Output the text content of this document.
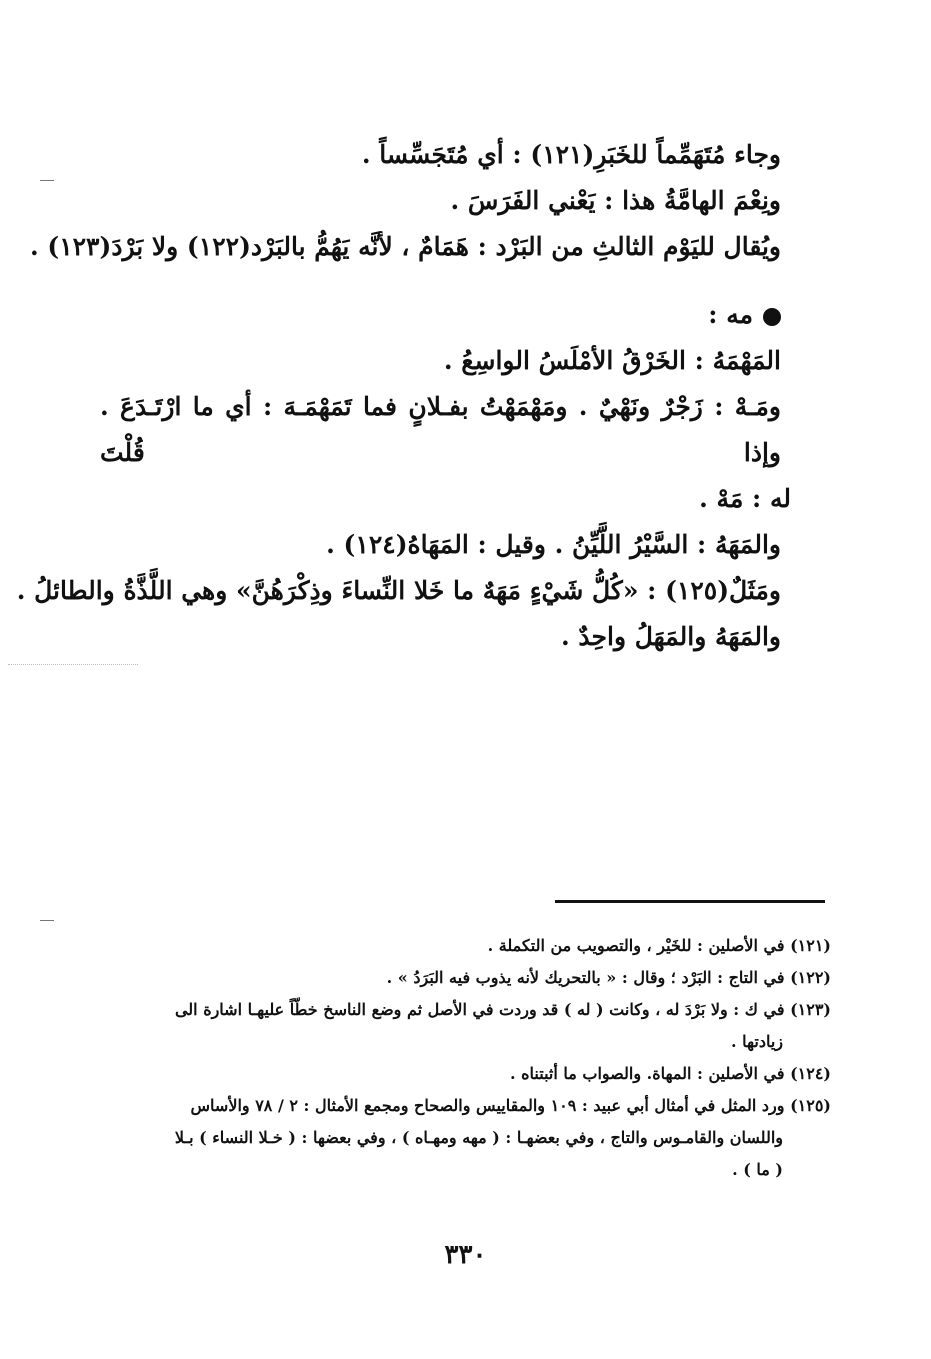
وجاء مُتَهَمِّماً للخَبَرِ(١٢١) : أي مُتَجَسِّساً .
ونِعْمَ الهامَّةُ هذا : يَعْني الفَرَسَ .
ويُقال لليَوْم الثالثِ من البَرْد : هَمَامٌ ، لأنَّه يَهُمُّ بالبَرْد(١٢٢) ولا بَرْدَ(١٢٣) .
مه :
المَهْمَهُ : الخَرْقُ الأمْلَسُ الواسِعُ .
ومَـهْ : زَجْرٌ ونَهْيٌ . ومَهْمَهْتُ بفـلانٍ فما تَمَهْمَـهَ : أي ما ارْتَـدَعَ . وإذا قُلْتَ
له : مَهْ .
والمَهَهُ : السَّيْرُ اللَّيِّنُ . وقيل : المَهَاهُ(١٢٤) .
ومَثَلٌ(١٢٥) : «كُلُّ شَيْءٍ مَهَهٌ ما خَلا النِّساءَ وذِكْرَهُنَّ» وهي اللَّذَّةُ والطائلُ .
والمَهَهُ والمَهَلُ واحِدٌ .
(١٢١) في الأصلين : للخَيْر ، والتصويب من التكملة .
(١٢٢) في التاج : البَرْد ؛ وقال : « بالتحريك لأنه يذوب فيه البَرَدُ » .
(١٢٣) في ك : ولا بَرْدَ له ، وكانت ( له ) قد وردت في الأصل ثم وضع الناسخ خطّاً عليهـا اشارة الى
زيادتها .
(١٢٤) في الأصلين : المهاة. والصواب ما أثبتناه .
(١٢٥) ورد المثل في أمثال أبي عبيد : ١٠٩ والمقاييس والصحاح ومجمع الأمثال : ٢ / ٧٨ والأساس
واللسان والقامـوس والتاج ، وفي بعضهـا : ( مهه ومهـاه ) ، وفي بعضها : ( خـلا النساء ) بـلا
( ما ) .
٣٣٠
